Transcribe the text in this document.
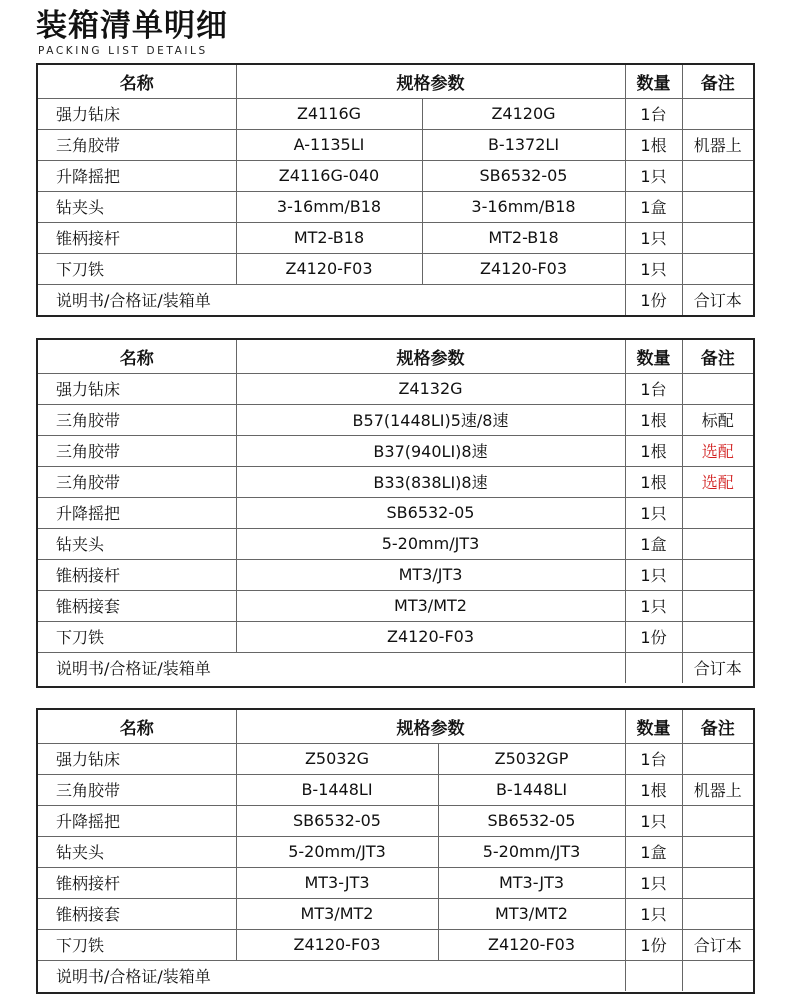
装箱清单明细
PACKING LIST DETAILS
名称	规格参数		数量	备注
强力钻床	Z4116G	Z4120G	1台	
三角胶带	A-1135LI	B-1372LI	1根	机器上
升降摇把	Z4116G-040	SB6532-05	1只	
钻夹头	3-16mm/B18	3-16mm/B18	1盒	
锥柄接杆	MT2-B18	MT2-B18	1只	
下刀铁	Z4120-F03	Z4120-F03	1只	
说明书/合格证/装箱单			1份	合订本
名称	规格参数	数量	备注
强力钻床	Z4132G	1台	
三角胶带	B57(1448LI)5速/8速	1根	标配
三角胶带	B37(940LI)8速	1根	选配
三角胶带	B33(838LI)8速	1根	选配
升降摇把	SB6532-05	1只	
钻夹头	5-20mm/JT3	1盒	
锥柄接杆	MT3/JT3	1只	
锥柄接套	MT3/MT2	1只	
下刀铁	Z4120-F03	1份	
说明书/合格证/装箱单			合订本
名称	规格参数		数量	备注
强力钻床	Z5032G	Z5032GP	1台	
三角胶带	B-1448LI	B-1448LI	1根	机器上
升降摇把	SB6532-05	SB6532-05	1只	
钻夹头	5-20mm/JT3	5-20mm/JT3	1盒	
锥柄接杆	MT3-JT3	MT3-JT3	1只	
锥柄接套	MT3/MT2	MT3/MT2	1只	
下刀铁	Z4120-F03	Z4120-F03	1份	合订本
说明书/合格证/装箱单				
